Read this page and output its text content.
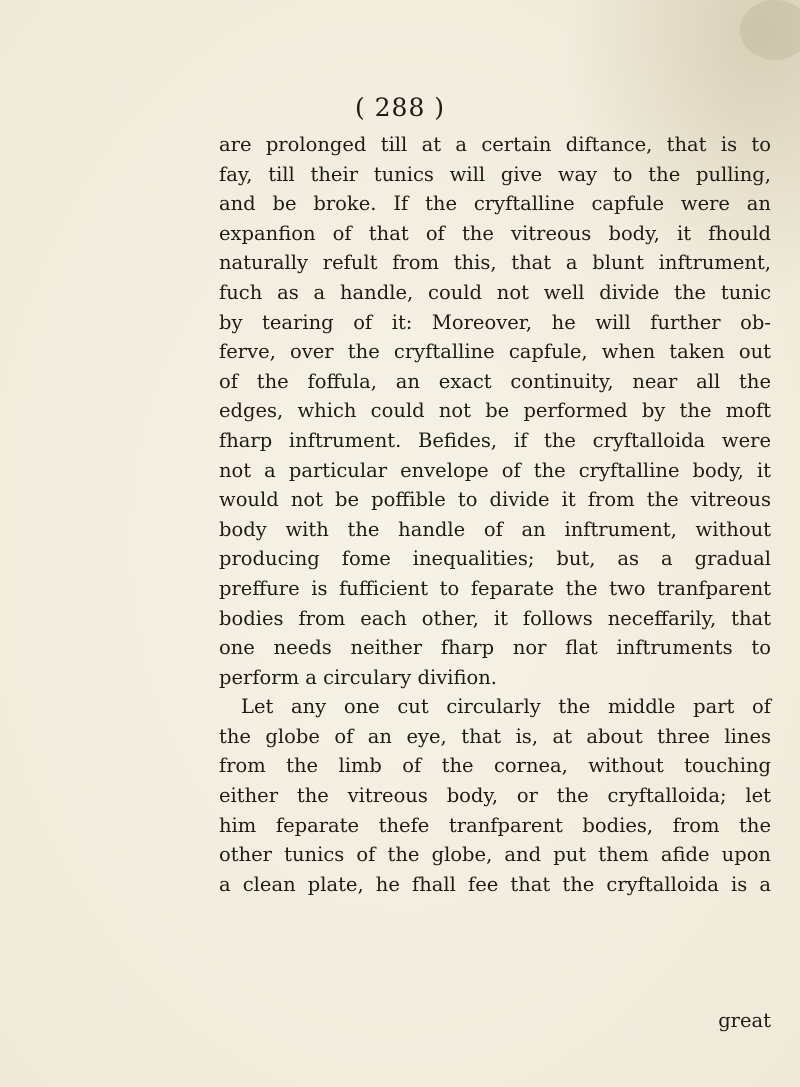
( 288 )
are prolonged till at a certain diftance, that is to
fay, till their tunics will give way to the pulling,
and be broke. If the cryftalline capfule were an
expanfion of that of the vitreous body, it fhould
naturally refult from this, that a blunt inftrument,
fuch as a handle, could not well divide the tunic
by tearing of it: Moreover, he will further ob-
ferve, over the cryftalline capfule, when taken out
of the foffula, an exact continuity, near all the
edges, which could not be performed by the moft
fharp inftrument. Befides, if the cryftalloida were
not a particular envelope of the cryftalline body, it
would not be poffible to divide it from the vitreous
body with the handle of an inftrument, without
producing fome inequalities; but, as a gradual
preffure is fufficient to feparate the two tranfparent
bodies from each other, it follows neceffarily, that
one needs neither fharp nor flat inftruments to
perform a circulary divifion.
Let any one cut circularly the middle part of
the globe of an eye, that is, at about three lines
from the limb of the cornea, without touching
either the vitreous body, or the cryftalloida; let
him feparate thefe tranfparent bodies, from the
other tunics of the globe, and put them afide upon
a clean plate, he fhall fee that the cryftalloida is a
great
